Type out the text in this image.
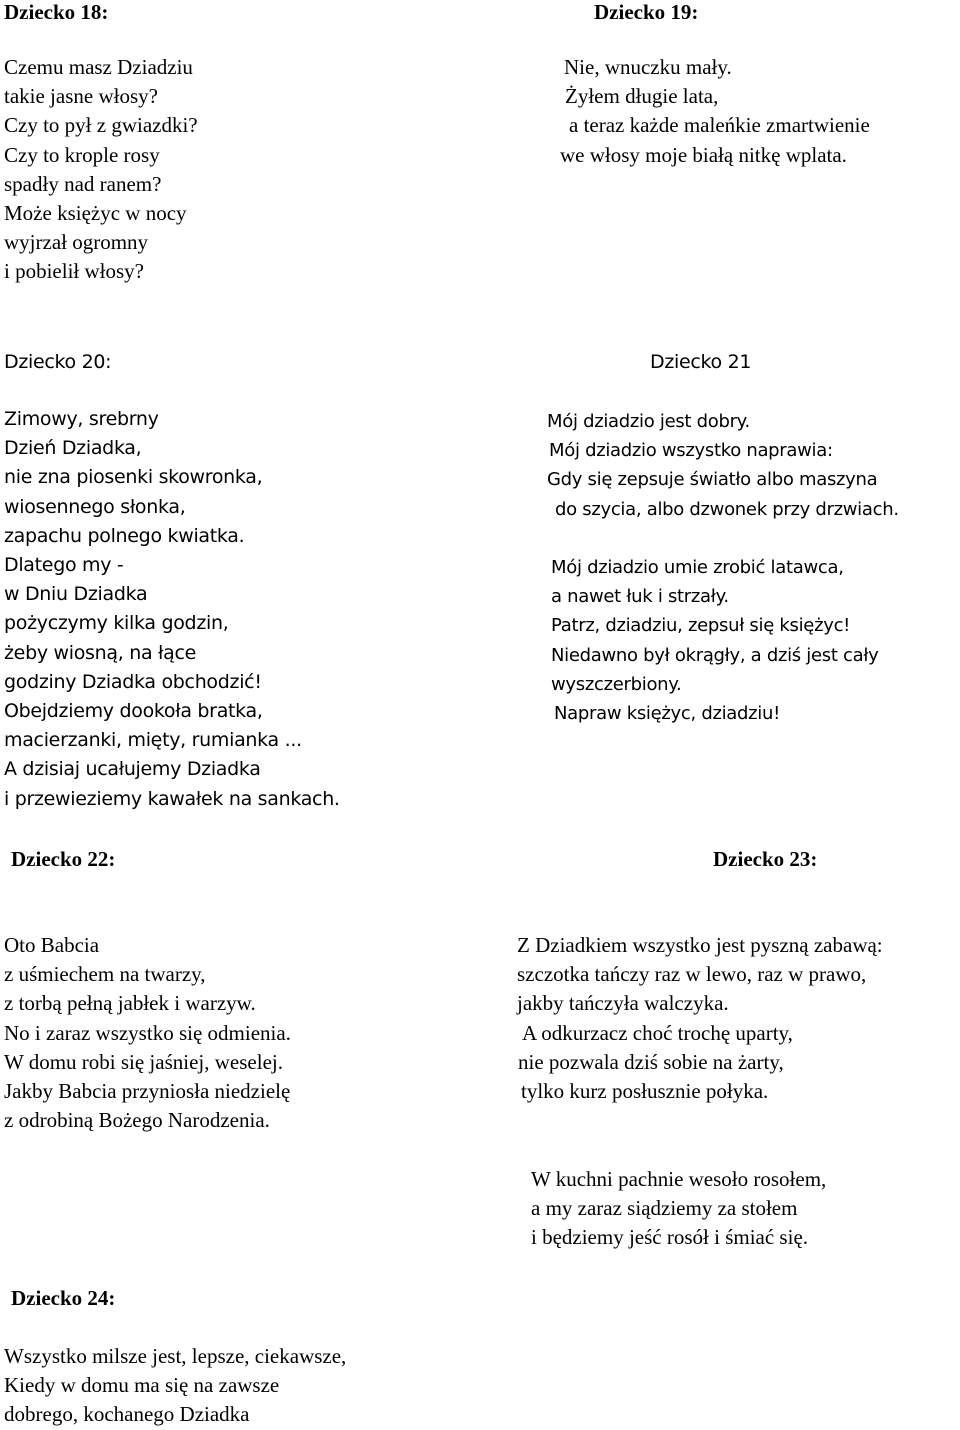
Dziecko 18:
Czemu masz Dziadziu
takie jasne włosy?
Czy to pył z gwiazdki?
Czy to krople rosy
spadły nad ranem?
Może księżyc w nocy
wyjrzał ogromny
i pobielił włosy?
Dziecko 19:
Nie, wnuczku mały.
Żyłem długie lata,
a teraz każde maleńkie zmartwienie
we włosy moje białą nitkę wplata.
Dziecko 20:
Zimowy, srebrny
Dzień Dziadka,
nie zna piosenki skowronka,
wiosennego słonka,
zapachu polnego kwiatka.
Dlatego my -
w Dniu Dziadka
pożyczymy kilka godzin,
żeby wiosną, na łące
godziny Dziadka obchodzić!
Obejdziemy dookoła bratka,
macierzanki, mięty, rumianka ...
A dzisiaj ucałujemy Dziadka
i przewieziemy kawałek na sankach.
Dziecko 21
Mój dziadzio jest dobry.
Mój dziadzio wszystko naprawia:
Gdy się zepsuje światło albo maszyna
do szycia, albo dzwonek przy drzwiach.
Mój dziadzio umie zrobić latawca,
a nawet łuk i strzały.
Patrz, dziadziu, zepsuł się księżyc!
Niedawno był okrągły, a dziś jest cały
wyszczerbiony.
Napraw księżyc, dziadziu!
Dziecko 22:
Oto Babcia
z uśmiechem na twarzy,
z torbą pełną jabłek i warzyw.
No i zaraz wszystko się odmienia.
W domu robi się jaśniej, weselej.
Jakby Babcia przyniosła niedzielę
z odrobiną Bożego Narodzenia.
Dziecko 23:
Z Dziadkiem wszystko jest pyszną zabawą:
szczotka tańczy raz w lewo, raz w prawo,
jakby tańczyła walczyka.
A odkurzacz choć trochę uparty,
nie pozwala dziś sobie na żarty,
tylko kurz posłusznie połyka.
W kuchni pachnie wesoło rosołem,
a my zaraz siądziemy za stołem
i będziemy jeść rosół i śmiać się.
Dziecko 24:
Wszystko milsze jest, lepsze, ciekawsze,
Kiedy w domu ma się na zawsze
dobrego, kochanego Dziadka
